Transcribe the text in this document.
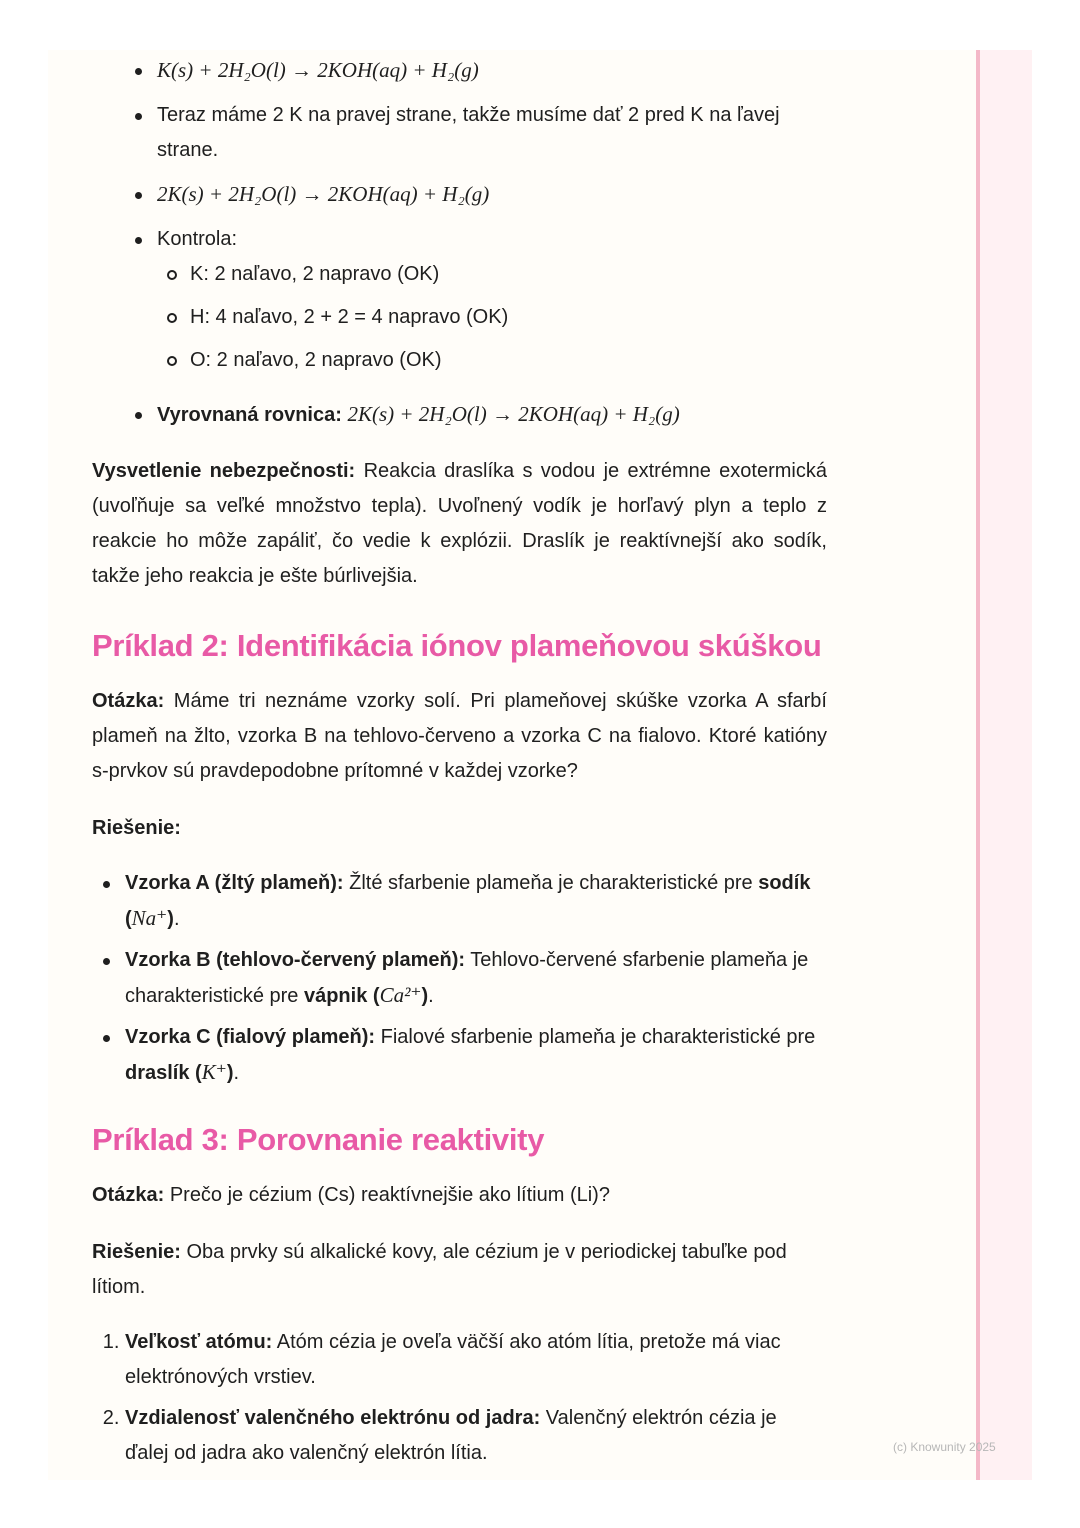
K(s) + 2H₂O(l) → 2KOH(aq) + H₂(g)
Teraz máme 2 K na pravej strane, takže musíme dať 2 pred K na ľavej strane.
2K(s) + 2H₂O(l) → 2KOH(aq) + H₂(g)
Kontrola:
K: 2 naľavo, 2 napravo (OK)
H: 4 naľavo, 2 + 2 = 4 napravo (OK)
O: 2 naľavo, 2 napravo (OK)
Vyrovnaná rovnica: 2K(s) + 2H₂O(l) → 2KOH(aq) + H₂(g)

Vysvetlenie nebezpečnosti: Reakcia draslíka s vodou je extrémne exotermická (uvoľňuje sa veľké množstvo tepla). Uvoľnený vodík je horľavý plyn a teplo z reakcie ho môže zapáliť, čo vedie k explózii. Draslík je reaktívnejší ako sodík, takže jeho reakcia je ešte búrlivejšia.

Príklad 2: Identifikácia iónov plameňovou skúškou

Otázka: Máme tri neznáme vzorky solí. Pri plameňovej skúške vzorka A sfarbí plameň na žlto, vzorka B na tehlovo-červeno a vzorka C na fialovo. Ktoré katióny s-prvkov sú pravdepodobne prítomné v každej vzorke?

Riešenie:

Vzorka A (žltý plameň): Žlté sfarbenie plameňa je charakteristické pre sodík (Na⁺).
Vzorka B (tehlovo-červený plameň): Tehlovo-červené sfarbenie plameňa je charakteristické pre vápnik (Ca²⁺).
Vzorka C (fialový plameň): Fialové sfarbenie plameňa je charakteristické pre draslík (K⁺).
Príklad 3: Porovnanie reaktivity

Otázka: Prečo je cézium (Cs) reaktívnejšie ako lítium (Li)?

Riešenie: Oba prvky sú alkalické kovy, ale cézium je v periodickej tabuľke pod lítiom.

1. Veľkosť atómu: Atóm cézia je oveľa väčší ako atóm lítia, pretože má viac elektrónových vrstiev.
2. Vzdialenosť valenčného elektrónu od jadra: Valenčný elektrón cézia je ďalej od jadra ako valenčný elektrón lítia.	(c) Knowunity 2025
